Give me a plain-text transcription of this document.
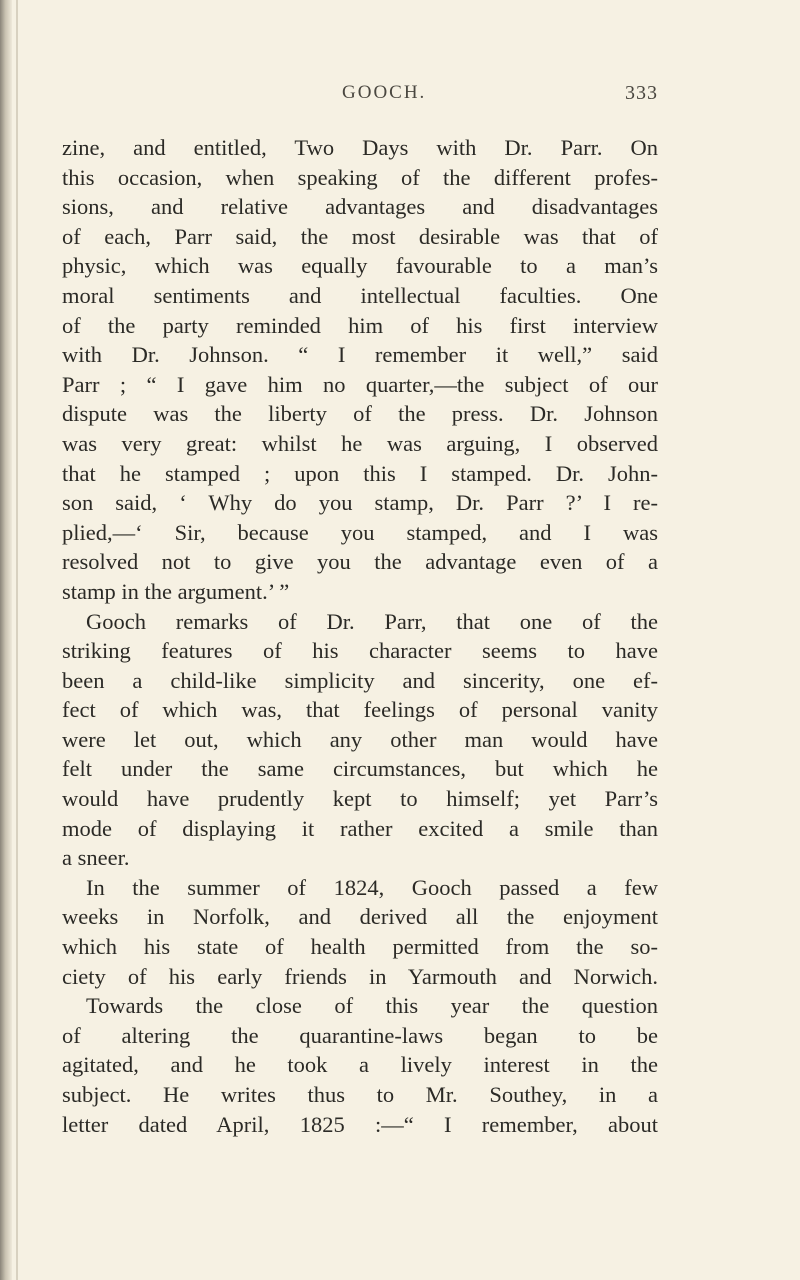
GOOCH.	333
zine, and entitled, Two Days with Dr. Parr. On
this occasion, when speaking of the different profes-
sions, and relative advantages and disadvantages
of each, Parr said, the most desirable was that of
physic, which was equally favourable to a man’s
moral sentiments and intellectual faculties. One
of the party reminded him of his first interview
with Dr. Johnson. “ I remember it well,” said
Parr ; “ I gave him no quarter,—the subject of our
dispute was the liberty of the press. Dr. Johnson
was very great: whilst he was arguing, I observed
that he stamped ; upon this I stamped. Dr. John-
son said, ‘ Why do you stamp, Dr. Parr ?’ I re-
plied,—‘ Sir, because you stamped, and I was
resolved not to give you the advantage even of a
stamp in the argument.’ ”
Gooch remarks of Dr. Parr, that one of the
striking features of his character seems to have
been a child-like simplicity and sincerity, one ef-
fect of which was, that feelings of personal vanity
were let out, which any other man would have
felt under the same circumstances, but which he
would have prudently kept to himself; yet Parr’s
mode of displaying it rather excited a smile than
a sneer.
In the summer of 1824, Gooch passed a few
weeks in Norfolk, and derived all the enjoyment
which his state of health permitted from the so-
ciety of his early friends in Yarmouth and Norwich.
Towards the close of this year the question
of altering the quarantine-laws began to be
agitated, and he took a lively interest in the
subject. He writes thus to Mr. Southey, in a
letter dated April, 1825 :—“ I remember, about
